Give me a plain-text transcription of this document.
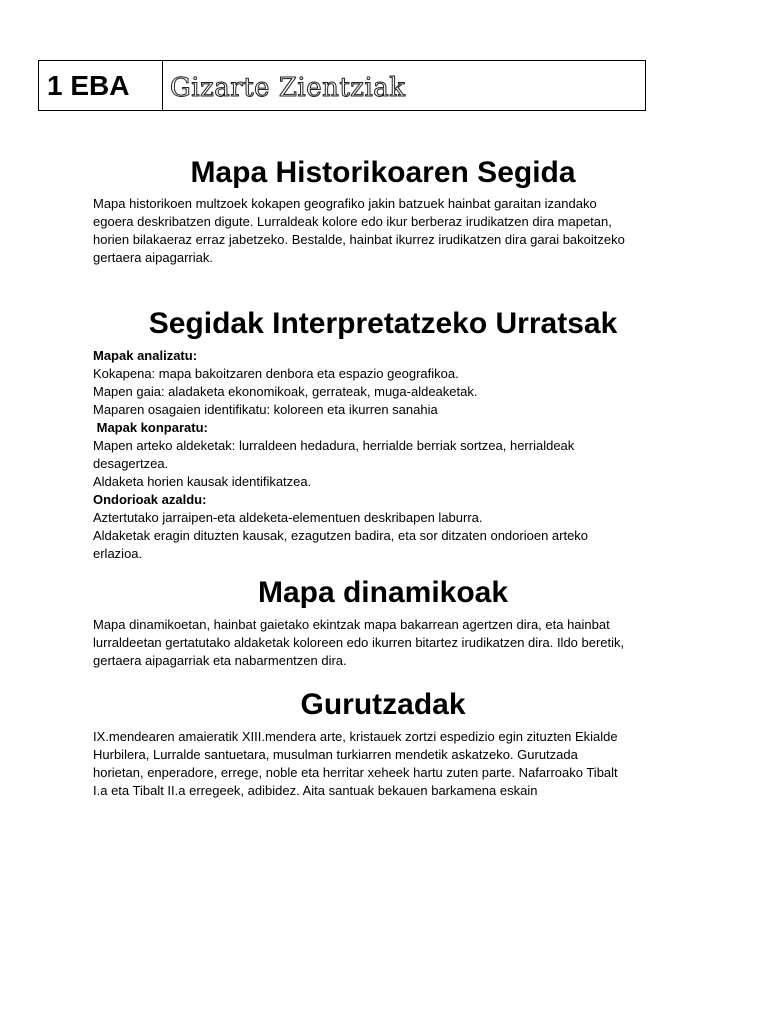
1 EBA	Gizarte Zientziak
Mapa Historikoaren Segida
Mapa historikoen multzoek kokapen geografiko jakin batzuek hainbat garaitan izandako
egoera deskribatzen digute. Lurraldeak kolore edo ikur berberaz irudikatzen dira mapetan,
horien bilakaeraz erraz jabetzeko. Bestalde, hainbat ikurrez irudikatzen dira garai bakoitzeko
gertaera aipagarriak.
Segidak Interpretatzeko Urratsak
Mapak analizatu:
Kokapena: mapa bakoitzaren denbora eta espazio geografikoa.
Mapen gaia: aladaketa ekonomikoak, gerrateak, muga-aldeaketak.
Maparen osagaien identifikatu: koloreen eta ikurren sanahia
Mapak konparatu:
Mapen arteko aldeketak: lurraldeen hedadura, herrialde berriak sortzea, herrialdeak
desagertzea.
Aldaketa horien kausak identifikatzea.
Ondorioak azaldu:
Aztertutako jarraipen-eta aldeketa-elementuen deskribapen laburra.
Aldaketak eragin dituzten kausak, ezagutzen badira, eta sor ditzaten ondorioen arteko
erlazioa.
Mapa dinamikoak
Mapa dinamikoetan, hainbat gaietako ekintzak mapa bakarrean agertzen dira, eta hainbat
lurraldeetan gertatutako aldaketak koloreen edo ikurren bitartez irudikatzen dira. Ildo beretik,
gertaera aipagarriak eta nabarmentzen dira.
Gurutzadak
IX.mendearen amaieratik XIII.mendera arte, kristauek zortzi espedizio egin zituzten Ekialde
Hurbilera, Lurralde santuetara, musulman turkiarren mendetik askatzeko. Gurutzada
horietan, enperadore, errege, noble eta herritar xeheek hartu zuten parte. Nafarroako Tibalt
I.a eta Tibalt II.a erregeek, adibidez. Aita santuak bekauen barkamena eskain
